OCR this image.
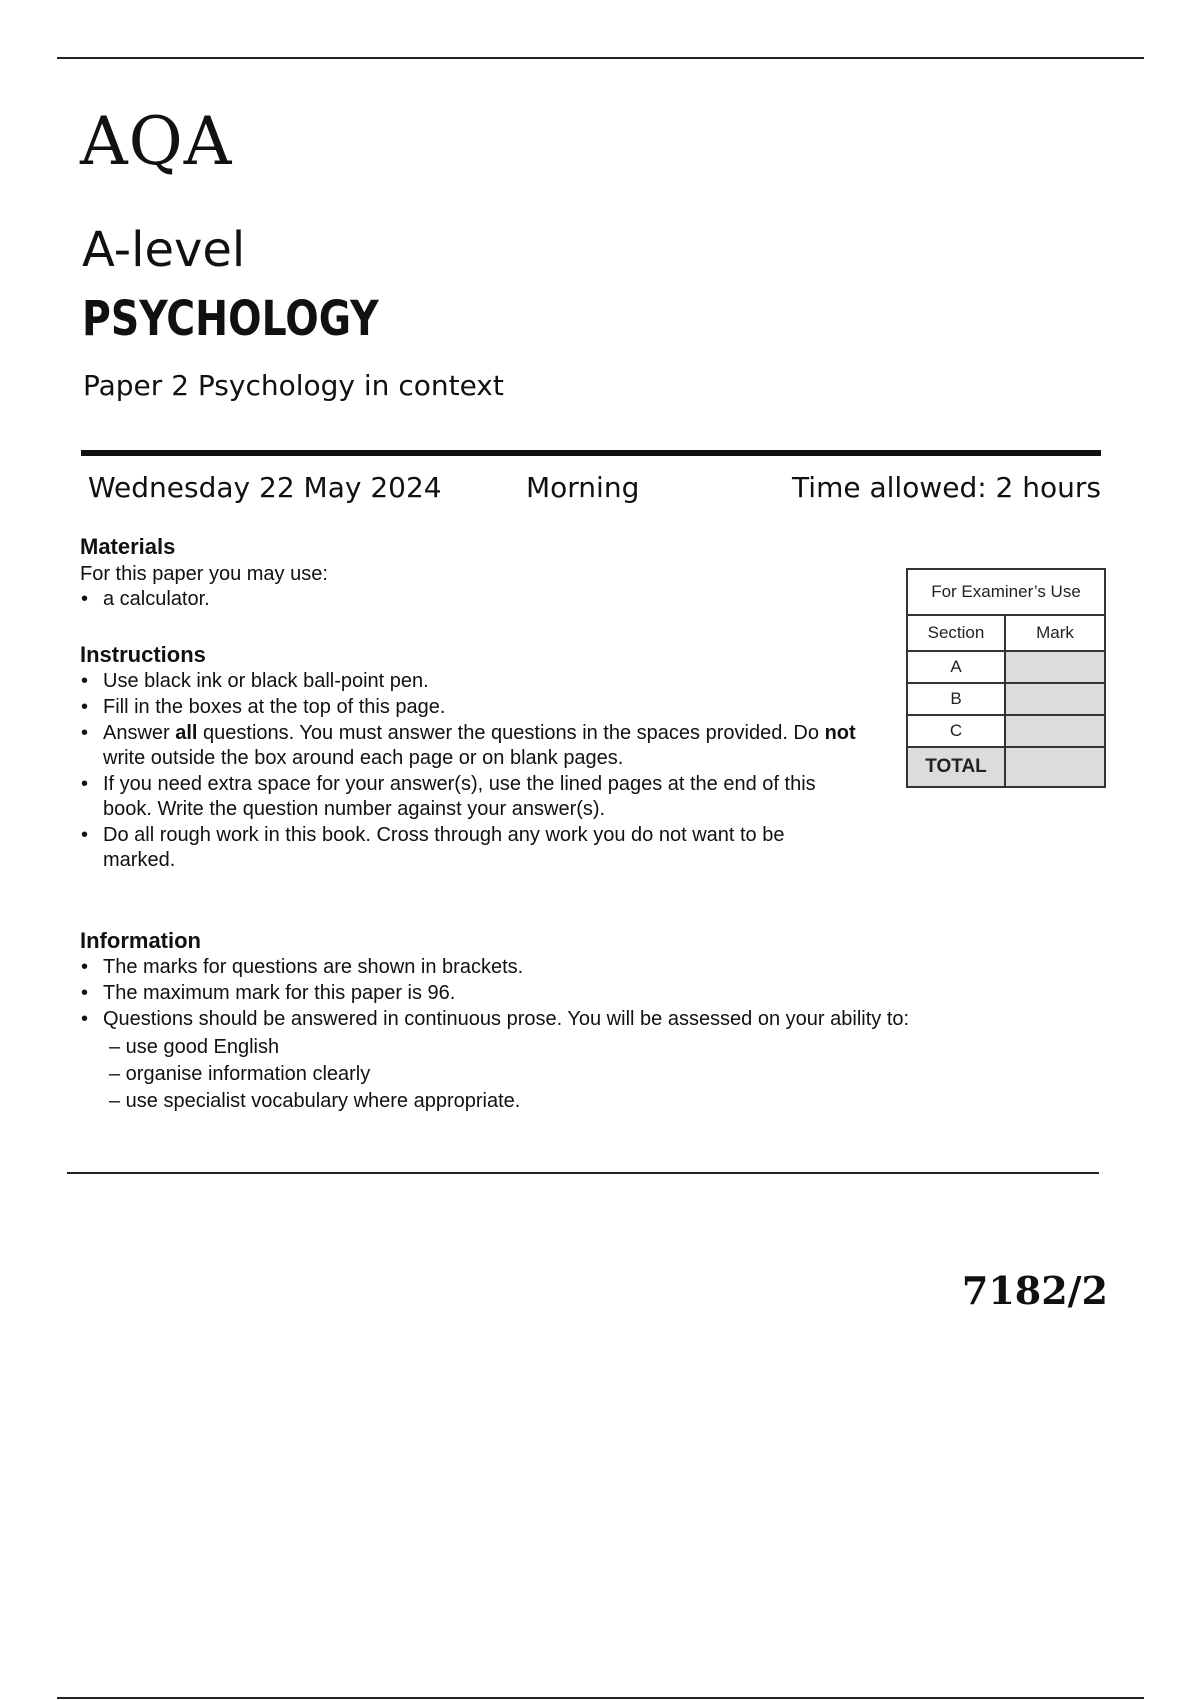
AQA
A-level
PSYCHOLOGY
Paper 2 Psychology in context
Wednesday 22 May 2024	Morning	Time allowed: 2 hours
Materials
For this paper you may use:
• a calculator.
Instructions
• Use black ink or black ball-point pen.
• Fill in the boxes at the top of this page.
• Answer all questions. You must answer the questions in the spaces provided. Do not write outside the box around each page or on blank pages.
• If you need extra space for your answer(s), use the lined pages at the end of this book. Write the question number against your answer(s).
• Do all rough work in this book. Cross through any work you do not want to be marked.
Information
• The marks for questions are shown in brackets.
• The maximum mark for this paper is 96.
• Questions should be answered in continuous prose. You will be assessed on your ability to:
– use good English
– organise information clearly
– use specialist vocabulary where appropriate.
For Examiner’s Use	
Section	Mark
A	
B	
C	
TOTAL	
7182/2
